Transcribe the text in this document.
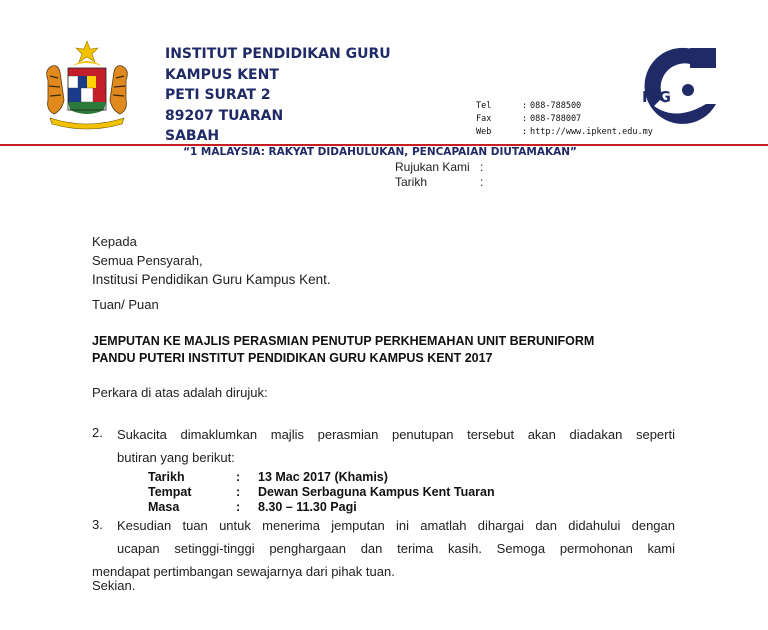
INSTITUT PENDIDIKAN GURU
KAMPUS KENT
PETI SURAT 2
89207 TUARAN
SABAH
Tel	: 088-788500
Fax	: 088-788007
Web	: http://www.ipkent.edu.my
IPG
“1 MALAYSIA: RAKYAT DIDAHULUKAN, PENCAPAIAN DIUTAMAKAN”
Rujukan Kami :
Tarikh	:
Kepada
Semua Pensyarah,
Institusi Pendidikan Guru Kampus Kent.
Tuan/ Puan
JEMPUTAN KE MAJLIS PERASMIAN PENUTUP PERKHEMAHAN UNIT BERUNIFORM
PANDU PUTERI INSTITUT PENDIDIKAN GURU KAMPUS KENT 2017
Perkara di atas adalah dirujuk:
2. Sukacita dimaklumkan majlis perasmian penutupan tersebut akan diadakan seperti
butiran yang berikut:
Tarikh	:	13 Mac 2017 (Khamis)
Tempat	:	Dewan Serbaguna Kampus Kent Tuaran
Masa	:	8.30 – 11.30 Pagi
3. Kesudian tuan untuk menerima jemputan ini amatlah dihargai dan didahului dengan
ucapan setinggi-tinggi penghargaan dan terima kasih. Semoga permohonan kami
mendapat pertimbangan sewajarnya dari pihak tuan.
Sekian.
